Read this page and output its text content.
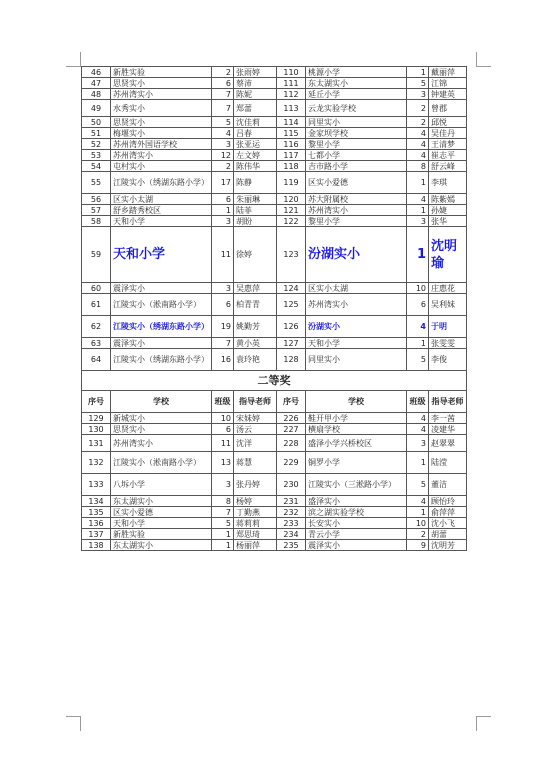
46	新胜实验	2	张雨婷	110	桃源小学	1	戴丽萍
47	思贤实小	6	蔡沛	111	东太湖实小	5	江锦
48	苏州湾实小	7	陈妮	112	延丘小学	3	钟建英
49	水秀实小	7	郑蕾	113	云龙实验学校	2	曾郡
50	思贤实小	5	沈佳莉	114	同里实小	2	邱悦
51	梅堰实小	4	吕春	115	金家坝学校	4	吴佳丹
52	苏州湾外国语学校	3	张亚运	116	黎里小学	4	王清梦
53	苏州湾实小	12	左文婷	117	七都小学	4	崔志平
54	屯村实小	2	陈伟华	118	吉市路小学	8	舒云峰
55	江陵实小（绣湖东路小学）	17	陈静	119	区实小爱德	1	李琪
56	区实小太湖	6	朱丽琳	120	苏大附属校	4	陈紫嫣
57	舒乡踏秀校区	1	陆菲	121	苏州湾实小	1	孙婕
58	天和小学	3	胡盼	122	黎里小学	3	张华
59	天和小学	11	徐婷	123	汾湖实小	1	沈明瑜
60	震泽实小	3	吴惠萍	124	区实小太湖	10	庄惠花
61	江陵实小（淞南路小学）	6	柏青青	125	苏州湾实小	6	吴利妹
62	江陵实小（绣湖东路小学）	19	姚勤芳	126	汾湖实小	4	于明
63	震泽实小	7	黄小英	127	天和小学	1	张雯雯
64	江陵实小（绣湖东路小学）	16	袁玲艳	128	同里实小	5	李俊
二等奖							
序号	学校	班级	指导老师	序号	学校	班级	指导老师
129	新城实小	10	宋妹婷	226	鞋开甲小学	4	李一茜
130	思贤实小	6	汤云	227	横扇学校	4	凌建华
131	苏州湾实小	11	沈洋	228	盛泽小学兴桥校区	3	赵翠翠
132	江陵实小（淞南路小学）	13	蒋慧	229	铜罗小学	1	陆滢
133	八坼小学	3	张丹婷	230	江陵实小（三淞路小学）	5	董洁
134	东太湖实小	8	杨婷	231	盛泽实小	4	顾怡玲
135	区实小爱德	7	丁勤燕	232	滨之湖实验学校	1	俞萍萍
136	天和小学	5	蒋莉莉	233	长安实小	10	沈小飞
137	新胜实验	1	郑思琦	234	青云小学	2	胡蕾
138	东太湖实小	1	杨丽萍	235	震泽实小	9	沈明芳
